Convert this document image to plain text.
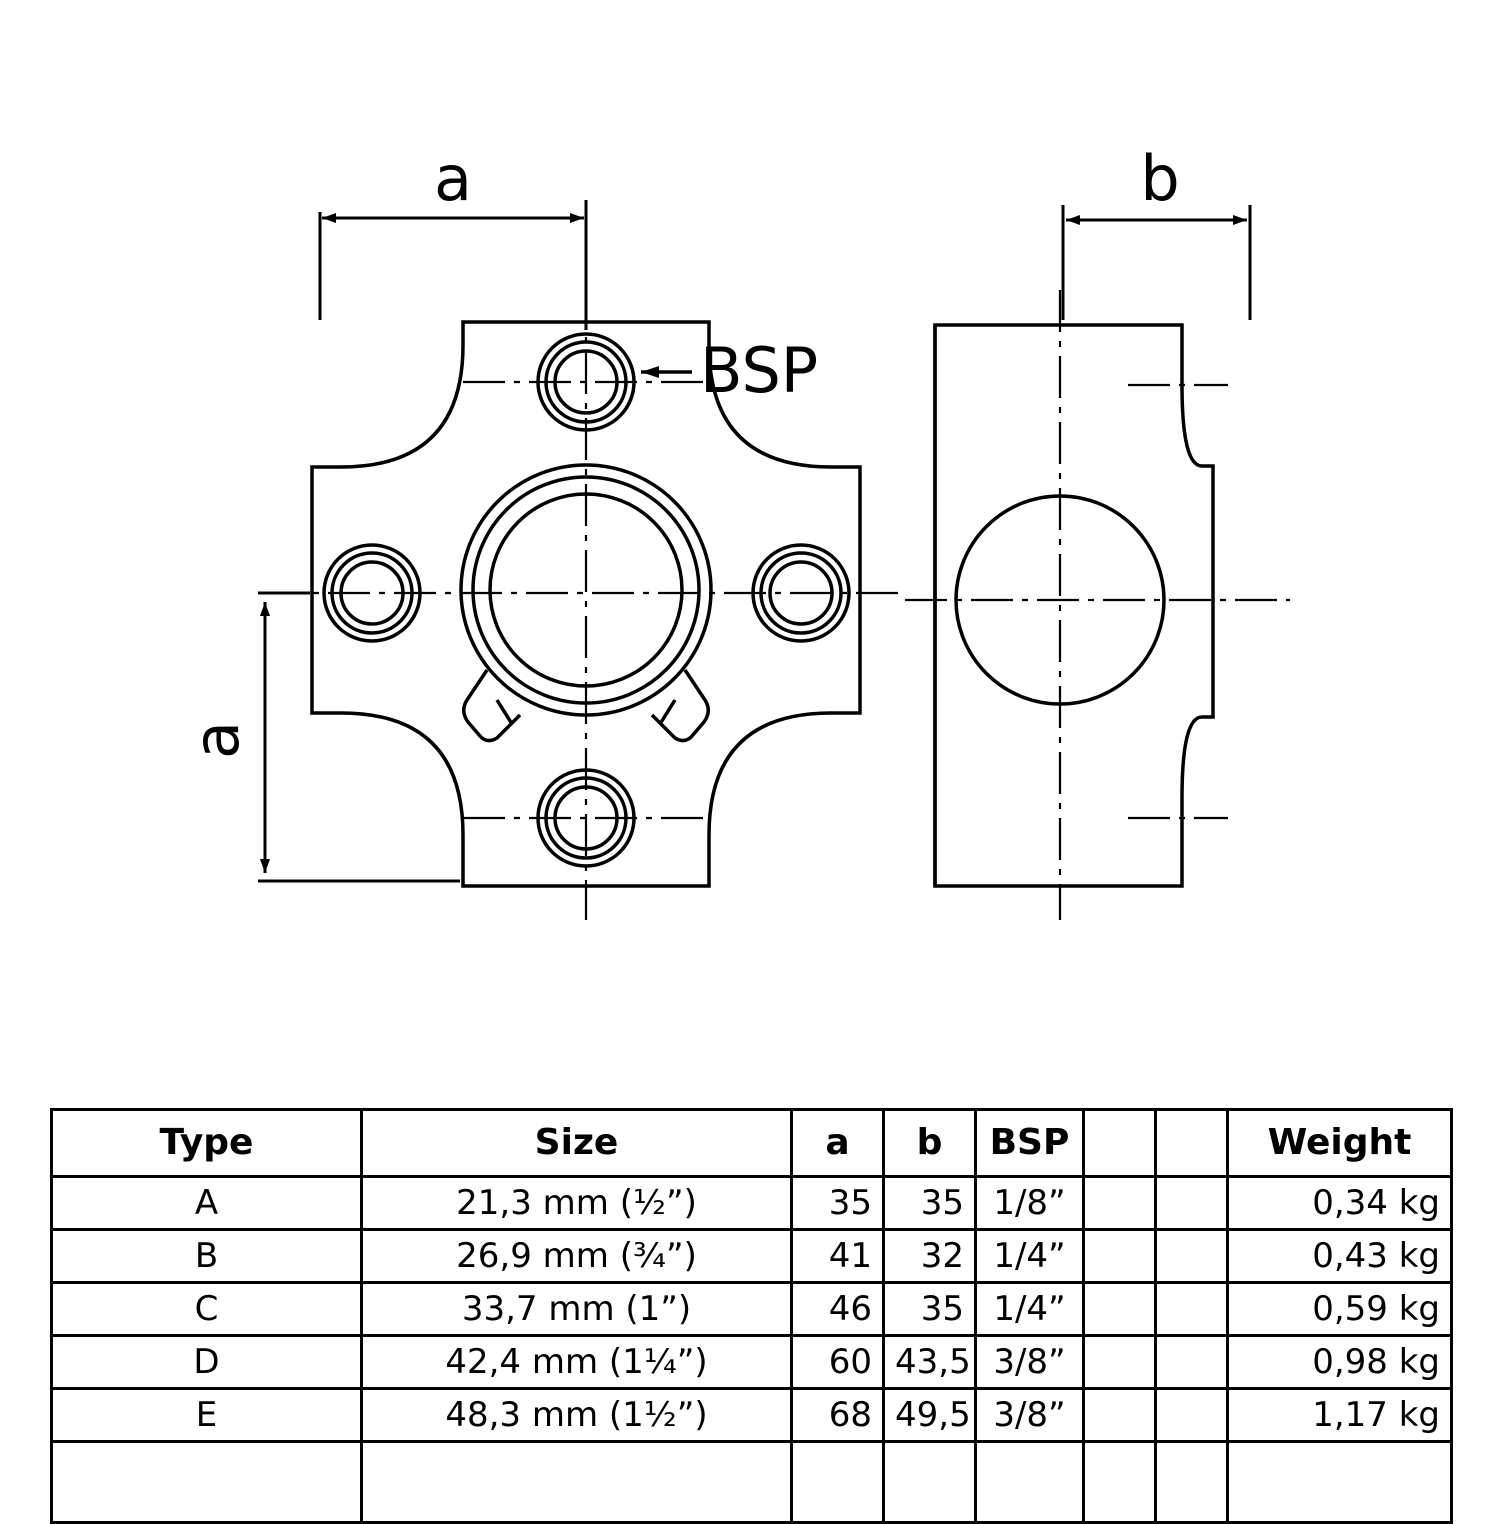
a
a
BSP
b
Type	Size	a	b	BSP			Weight
A	21,3 mm (½”)	35	35	1/8”			0,34 kg
B	26,9 mm (¾”)	41	32	1/4”			0,43 kg
C	33,7 mm (1”)	46	35	1/4”			0,59 kg
D	42,4 mm (1¼”)	60	43,5	3/8”			0,98 kg
E	48,3 mm (1½”)	68	49,5	3/8”			1,17 kg
